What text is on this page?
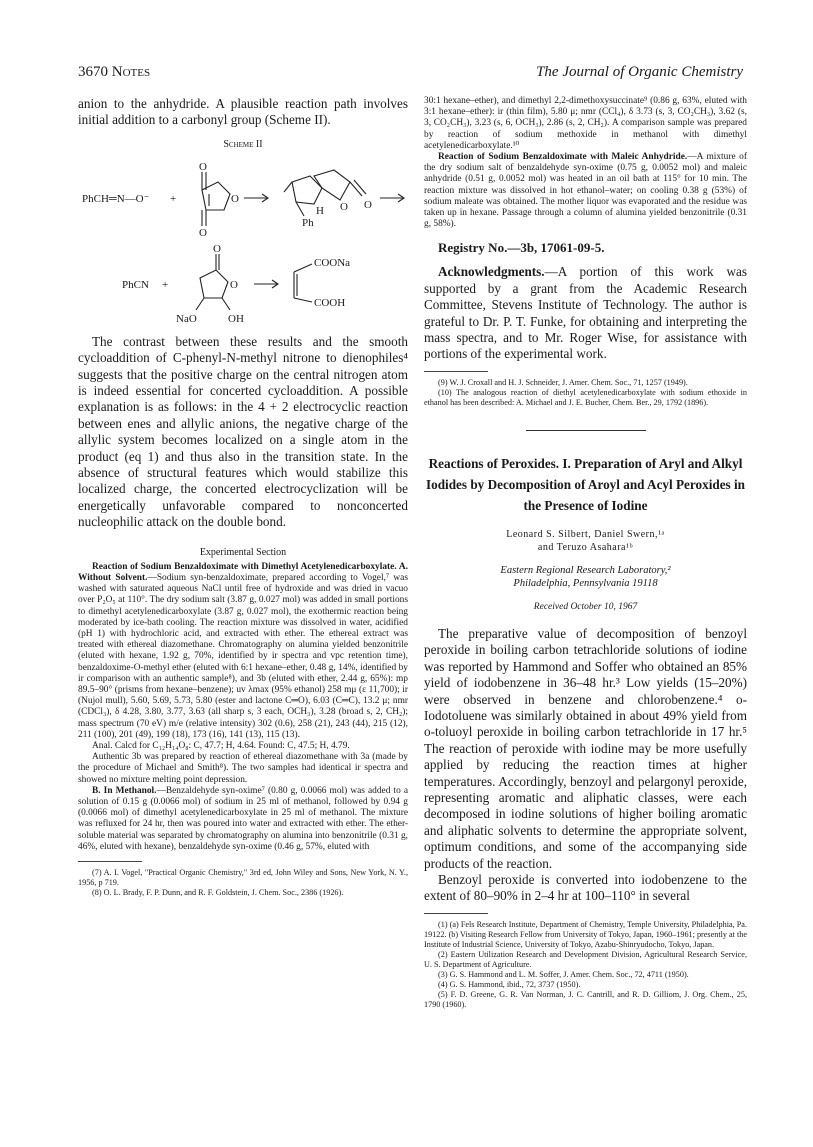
3670 Notes	The Journal of Organic Chemistry

anion to the anhydride. A plausible reaction path involves initial addition to a carbonyl group (Scheme II).

Scheme II

PhCH═N—O⁻ +
O
O
O
Ph
H O O
PhCN +
O
O
NaO	OH
COONa
COOH

The contrast between these results and the smooth cycloaddition of C-phenyl-N-methyl nitrone to dienophiles⁴ suggests that the positive charge on the central nitrogen atom is indeed essential for concerted cycloaddition. A possible explanation is as follows: in the 4 + 2 electrocyclic reaction between enes and allylic anions, the negative charge of the allylic system becomes localized on a single atom in the product (eq 1) and thus also in the transition state. In the absence of structural features which would stabilize this localized charge, the concerted electrocyclization will be energetically unfavorable compared to nonconcerted nucleophilic attack on the double bond.

Experimental Section

Reaction of Sodium Benzaldoximate with Dimethyl Acetylenedicarboxylate. A. Without Solvent.—Sodium syn-benzaldoximate, prepared according to Vogel,⁷ was washed with saturated aqueous NaCl until free of hydroxide and was dried in vacuo over P₂O₅ at 110°. The dry sodium salt (3.87 g, 0.027 mol) was added in small portions to dimethyl acetylenedicarboxylate (3.87 g, 0.027 mol), the exothermic reaction being moderated by ice-bath cooling. The reaction mixture was dissolved in water, acidified (pH 1) with hydrochloric acid, and extracted with ether. The ethereal extract was treated with ethereal diazomethane. Chromatography on alumina yielded benzonitrile (eluted with hexane, 1.92 g, 70%, identified by ir spectra and vpc retention time), benzaldoxime-O-methyl ether (eluted with 6:1 hexane–ether, 0.48 g, 14%, identified by ir comparison with an authentic sample⁸), and 3b (eluted with ether, 2.44 g, 65%): mp 89.5–90° (prisms from hexane–benzene); uv λmax (95% ethanol) 258 mμ (ε 11,700); ir (Nujol mull), 5.60, 5.69, 5.73, 5.80 (ester and lactone C═O), 6.03 (C═C), 13.2 μ; nmr (CDCl₃), δ 4.28, 3.80, 3.77, 3.63 (all sharp s, 3 each, OCH₃), 3.28 (broad s, 2, CH₂); mass spectrum (70 eV) m/e (relative intensity) 302 (0.6), 258 (21), 243 (44), 215 (12), 211 (100), 201 (49), 199 (18), 173 (16), 141 (13), 115 (13).

Anal. Calcd for C₁₂H₁₄O₈: C, 47.7; H, 4.64. Found: C, 47.5; H, 4.79.

Authentic 3b was prepared by reaction of ethereal diazomethane with 3a (made by the procedure of Michael and Smith⁸). The two samples had identical ir spectra and showed no mixture melting point depression.

B. In Methanol.—Benzaldehyde syn-oxime⁷ (0.80 g, 0.0066 mol) was added to a solution of 0.15 g (0.0066 mol) of sodium in 25 ml of methanol, followed by 0.94 g (0.0066 mol) of dimethyl acetylenedicarboxylate in 25 ml of methanol. The mixture was refluxed for 24 hr, then was poured into water and extracted with ether. The ether-soluble material was separated by chromatography on alumina into benzonitrile (0.31 g, 46%, eluted with hexane), benzaldehyde syn-oxime (0.46 g, 57%, eluted with

(7) A. I. Vogel, "Practical Organic Chemistry," 3rd ed, John Wiley and Sons, New York, N. Y., 1956, p 719.

(8) O. L. Brady, F. P. Dunn, and R. F. Goldstein, J. Chem. Soc., 2386 (1926).

30:1 hexane–ether), and dimethyl 2,2-dimethoxysuccinate⁹ (0.86 g, 63%, eluted with 3:1 hexane–ether): ir (thin film), 5.80 μ; nmr (CCl₄), δ 3.73 (s, 3, CO₂CH₃), 3.62 (s, 3, CO₂CH₃), 3.23 (s, 6, OCH₃), 2.86 (s, 2, CH₂). A comparison sample was prepared by reaction of sodium methoxide in methanol with dimethyl acetylenedicarboxylate.¹⁰

Reaction of Sodium Benzaldoximate with Maleic Anhydride.—A mixture of the dry sodium salt of benzaldehyde syn-oxime (0.75 g, 0.0052 mol) and maleic anhydride (0.51 g, 0.0052 mol) was heated in an oil bath at 115° for 10 min. The reaction mixture was dissolved in hot ethanol–water; on cooling 0.38 g (53%) of sodium maleate was obtained. The mother liquor was evaporated and the residue was taken up in hexane. Passage through a column of alumina yielded benzonitrile (0.31 g, 58%).

Registry No.—3b, 17061-09-5.

Acknowledgments.—A portion of this work was supported by a grant from the Academic Research Committee, Stevens Institute of Technology. The author is grateful to Dr. P. T. Funke, for obtaining and interpreting the mass spectra, and to Mr. Roger Wise, for assistance with portions of the experimental work.

(9) W. J. Croxall and H. J. Schneider, J. Amer. Chem. Soc., 71, 1257 (1949).

(10) The analogous reaction of diethyl acetylenedicarboxylate with sodium ethoxide in ethanol has been described: A. Michael and J. E. Bucher, Chem. Ber., 29, 1792 (1896).

Reactions of Peroxides. I. Preparation of Aryl and Alkyl Iodides by Decomposition of Aroyl and Acyl Peroxides in the Presence of Iodine

Leonard S. Silbert, Daniel Swern,¹ᵃ

and Teruzo Asahara¹ᵇ

Eastern Regional Research Laboratory,²

Philadelphia, Pennsylvania 19118

Received October 10, 1967

The preparative value of decomposition of benzoyl peroxide in boiling carbon tetrachloride solutions of iodine was reported by Hammond and Soffer who obtained an 85% yield of iodobenzene in 36–48 hr.³ Low yields (15–20%) were observed in benzene and chlorobenzene.⁴ o-Iodotoluene was similarly obtained in about 49% yield from o-toluoyl peroxide in boiling carbon tetrachloride in 17 hr.⁵ The reaction of peroxide with iodine may be more usefully applied by reducing the reaction times at higher temperatures. Accordingly, benzoyl and pelargonyl peroxide, representing aromatic and aliphatic classes, were each decomposed in iodine solutions of higher boiling aromatic and aliphatic solvents to determine the appropriate solvent, optimum conditions, and some of the accompanying side products of the reaction.

Benzoyl peroxide is converted into iodobenzene to the extent of 80–90% in 2–4 hr at 100–110° in several

(1) (a) Fels Research Institute, Department of Chemistry, Temple University, Philadelphia, Pa. 19122. (b) Visiting Research Fellow from University of Tokyo, Japan, 1960–1961; presently at the Institute of Industrial Science, University of Tokyo, Azabu-Shinryudocho, Tokyo, Japan.

(2) Eastern Utilization Research and Development Division, Agricultural Research Service, U. S. Department of Agriculture.

(3) G. S. Hammond and L. M. Soffer, J. Amer. Chem. Soc., 72, 4711 (1950).

(4) G. S. Hammond, ibid., 72, 3737 (1950).

(5) F. D. Greene, G. R. Van Norman, J. C. Cantrill, and R. D. Gilliom, J. Org. Chem., 25, 1790 (1960).
